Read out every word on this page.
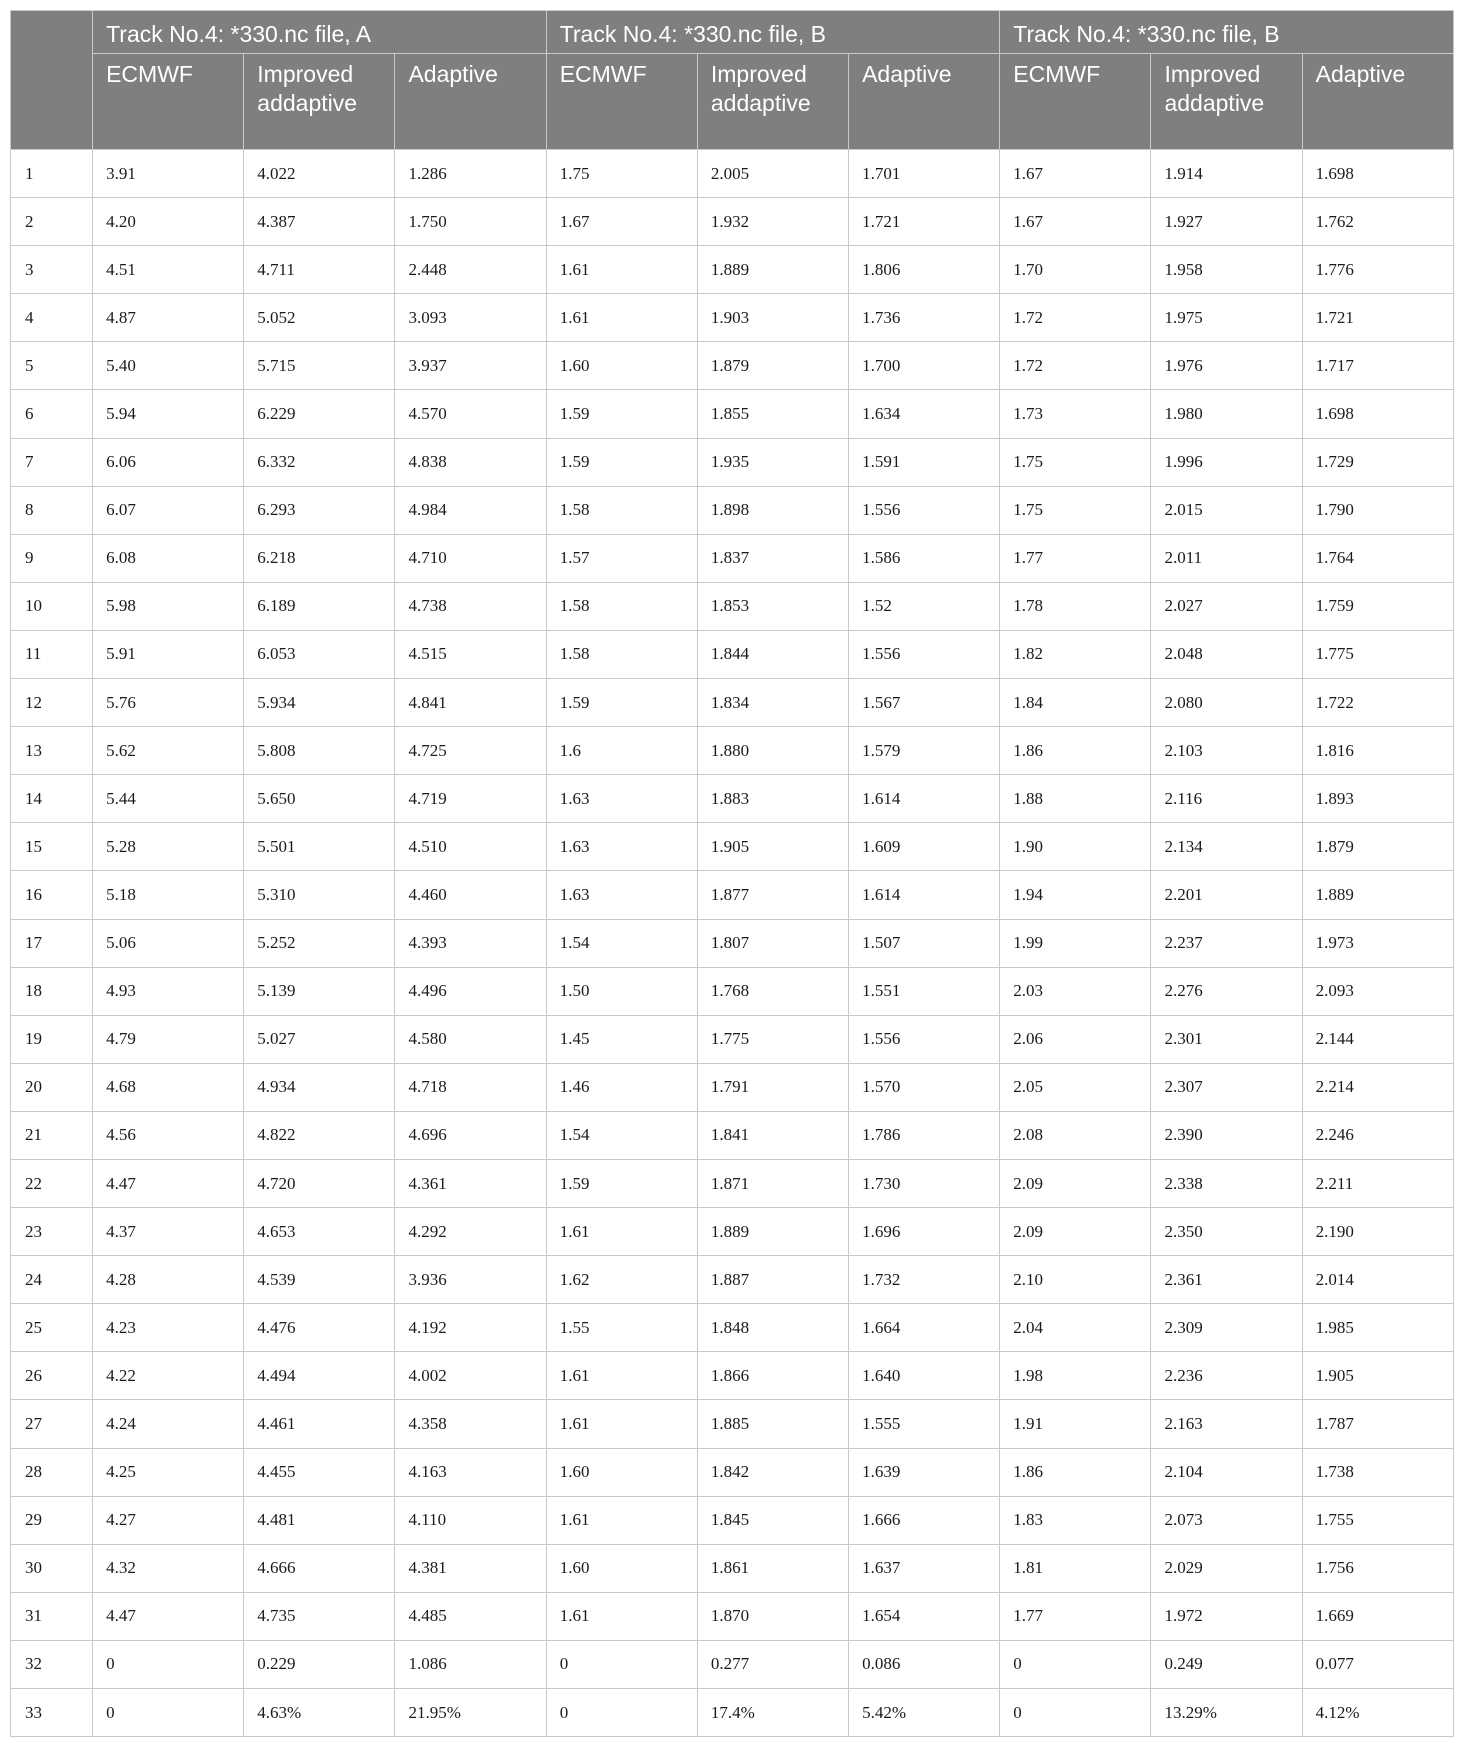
	Track No.4: *330.nc file, A			Track No.4: *330.nc file, B			Track No.4: *330.nc file, B		
	ECMWF	Improved addaptive	Adaptive	ECMWF	Improved addaptive	Adaptive	ECMWF	Improved addaptive	Adaptive
1	3.91	4.022	1.286	1.75	2.005	1.701	1.67	1.914	1.698
2	4.20	4.387	1.750	1.67	1.932	1.721	1.67	1.927	1.762
3	4.51	4.711	2.448	1.61	1.889	1.806	1.70	1.958	1.776
4	4.87	5.052	3.093	1.61	1.903	1.736	1.72	1.975	1.721
5	5.40	5.715	3.937	1.60	1.879	1.700	1.72	1.976	1.717
6	5.94	6.229	4.570	1.59	1.855	1.634	1.73	1.980	1.698
7	6.06	6.332	4.838	1.59	1.935	1.591	1.75	1.996	1.729
8	6.07	6.293	4.984	1.58	1.898	1.556	1.75	2.015	1.790
9	6.08	6.218	4.710	1.57	1.837	1.586	1.77	2.011	1.764
10	5.98	6.189	4.738	1.58	1.853	1.52	1.78	2.027	1.759
11	5.91	6.053	4.515	1.58	1.844	1.556	1.82	2.048	1.775
12	5.76	5.934	4.841	1.59	1.834	1.567	1.84	2.080	1.722
13	5.62	5.808	4.725	1.6	1.880	1.579	1.86	2.103	1.816
14	5.44	5.650	4.719	1.63	1.883	1.614	1.88	2.116	1.893
15	5.28	5.501	4.510	1.63	1.905	1.609	1.90	2.134	1.879
16	5.18	5.310	4.460	1.63	1.877	1.614	1.94	2.201	1.889
17	5.06	5.252	4.393	1.54	1.807	1.507	1.99	2.237	1.973
18	4.93	5.139	4.496	1.50	1.768	1.551	2.03	2.276	2.093
19	4.79	5.027	4.580	1.45	1.775	1.556	2.06	2.301	2.144
20	4.68	4.934	4.718	1.46	1.791	1.570	2.05	2.307	2.214
21	4.56	4.822	4.696	1.54	1.841	1.786	2.08	2.390	2.246
22	4.47	4.720	4.361	1.59	1.871	1.730	2.09	2.338	2.211
23	4.37	4.653	4.292	1.61	1.889	1.696	2.09	2.350	2.190
24	4.28	4.539	3.936	1.62	1.887	1.732	2.10	2.361	2.014
25	4.23	4.476	4.192	1.55	1.848	1.664	2.04	2.309	1.985
26	4.22	4.494	4.002	1.61	1.866	1.640	1.98	2.236	1.905
27	4.24	4.461	4.358	1.61	1.885	1.555	1.91	2.163	1.787
28	4.25	4.455	4.163	1.60	1.842	1.639	1.86	2.104	1.738
29	4.27	4.481	4.110	1.61	1.845	1.666	1.83	2.073	1.755
30	4.32	4.666	4.381	1.60	1.861	1.637	1.81	2.029	1.756
31	4.47	4.735	4.485	1.61	1.870	1.654	1.77	1.972	1.669
32	0	0.229	1.086	0	0.277	0.086	0	0.249	0.077
33	0	4.63%	21.95%	0	17.4%	5.42%	0	13.29%	4.12%
